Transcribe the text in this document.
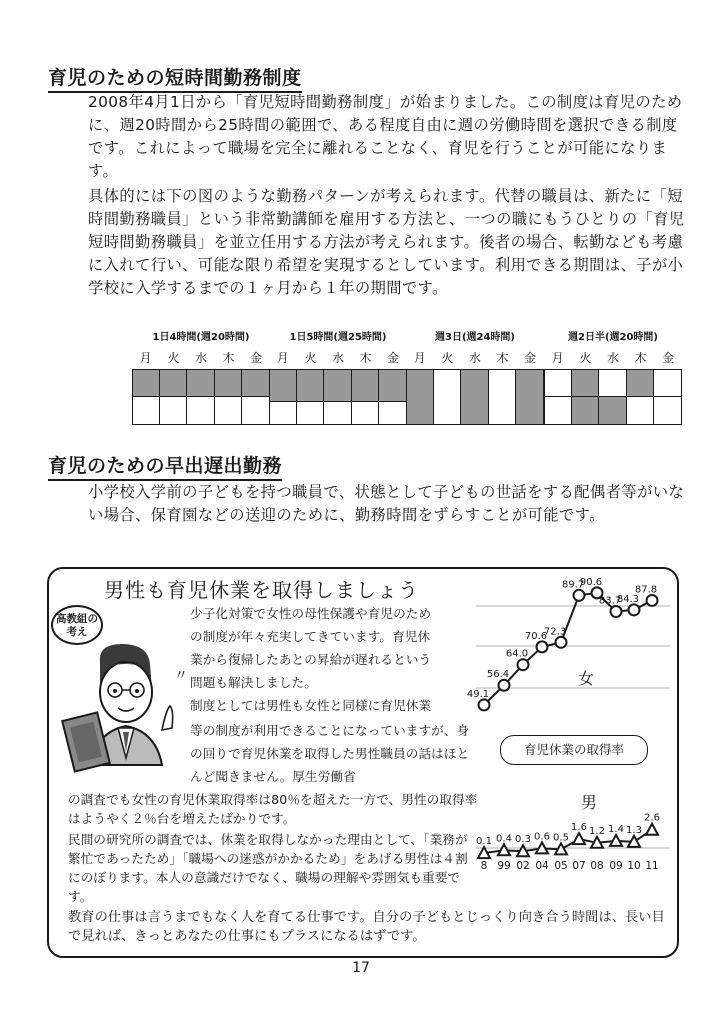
育児のための短時間勤務制度

2008年4月1日から「育児短時間勤務制度」が始まりました。この制度は育児のために、週20時間から25時間の範囲で、ある程度自由に週の労働時間を選択できる制度です。これによって職場を完全に離れることなく、育児を行うことが可能になります。

具体的には下の図のような勤務パターンが考えられます。代替の職員は、新たに「短時間勤務職員」という非常勤講師を雇用する方法と、一つの職にもうひとりの「育児短時間勤務職員」を並立任用する方法が考えられます。後者の場合、転勤なども考慮に入れて行い、可能な限り希望を実現するとしています。利用できる期間は、子が小学校に入学するまでの１ヶ月から１年の期間です。

1日4時間(週20時間)
月 火 水 木 金
1日5時間(週25時間)
月 火 水 木 金
週3日(週24時間)
月 火 水 木 金
週2日半(週20時間)
月 火 水 木 金
育児のための早出遅出勤務

小学校入学前の子どもを持つ職員で、状態として子どもの世話をする配偶者等がいない場合、保育園などの送迎のために、勤務時間をずらすことが可能です。

男性も育児休業を取得しましょう
高教組の考え
〃
少子化対策で女性の母性保護や育児のため
の制度が年々充実してきています。育児休
業から復帰したあとの昇給が遅れるという
問題も解決しました。
制度としては男性も女性と同様に育児休業
等の制度が利用できることになっていますが、身の回りで育児休業を取得した男性職員の話はほとんど聞きません。厚生労働省
の調査でも女性の育児休業取得率は80％を超えた一方で、男性の取得率はようやく２％台を増えたばかりです。
民間の研究所の調査では、休業を取得しなかった理由として、「業務が繁忙であったため」「職場への迷惑がかかるため」をあげる男性は４割にのぼります。本人の意識だけでなく、職場の理解や雰囲気も重要です。
教育の仕事は言うまでもなく人を育てる仕事です。自分の子どもとじっくり向き合う時間は、長い目で見れば、きっとあなたの仕事にもプラスになるはずです。
49.1
56.4
64.0
70.6
72.3
89.7
90.6
83.7
84.3
87.8
0.1 0.4 0.3 0.6 0.5
1.6 1.2 1.4 1.3
2.6
女
男
育児休業の取得率
8 99 02 04 05 07 08 09 10 11
17
